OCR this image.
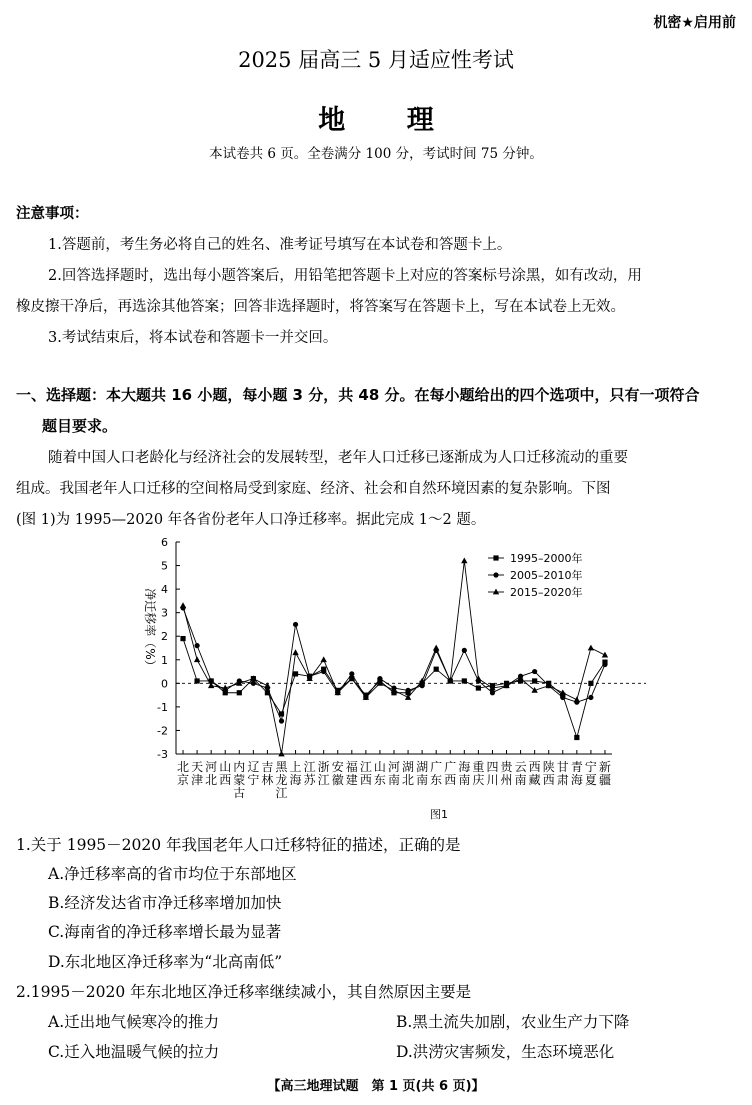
机密★启用前
2025 届高三 5 月适应性考试
地 理
本试卷共 6 页。全卷满分 100 分，考试时间 75 分钟。
注意事项：
1.答题前，考生务必将自己的姓名、准考证号填写在本试卷和答题卡上。
2.回答选择题时，选出每小题答案后，用铅笔把答题卡上对应的答案标号涂黑，如有改动，用
橡皮擦干净后，再选涂其他答案；回答非选择题时，将答案写在答题卡上，写在本试卷上无效。
3.考试结束后，将本试卷和答题卡一并交回。
一、选择题：本大题共 16 小题，每小题 3 分，共 48 分。在每小题给出的四个选项中，只有一项符合
题目要求。
随着中国人口老龄化与经济社会的发展转型，老年人口迁移已逐渐成为人口迁移流动的重要
组成。我国老年人口迁移的空间格局受到家庭、经济、社会和自然环境因素的复杂影响。下图
(图 1)为 1995—2020 年各省份老年人口净迁移率。据此完成 1～2 题。
6
5
4
3
2
1
0
-1
-2
-3
北
京
天
津
河
北
山
西
内
蒙
古
辽
宁
吉
林
黑
龙
江
上
海
江
苏
浙
江
安
徽
福
建
江
西
山
东
河
南
湖
北
湖
南
广
东
广
西
海
南
重
庆
四
川
贵
州
云
南
西
藏
陕
西
甘
肃
青
海
宁
夏
新
疆
净迁移率（%）
图1
1995–2000年
2005–2010年
2015–2020年
1.关于 1995－2020 年我国老年人口迁移特征的描述，正确的是
A.净迁移率高的省市均位于东部地区
B.经济发达省市净迁移率增加加快
C.海南省的净迁移率增长最为显著
D.东北地区净迁移率为“北高南低”
2.1995－2020 年东北地区净迁移率继续减小，其自然原因主要是
A.迁出地气候寒冷的推力	B.黑土流失加剧，农业生产力下降
C.迁入地温暖气候的拉力	D.洪涝灾害频发，生态环境恶化
【高三地理试题　第 1 页(共 6 页)】
